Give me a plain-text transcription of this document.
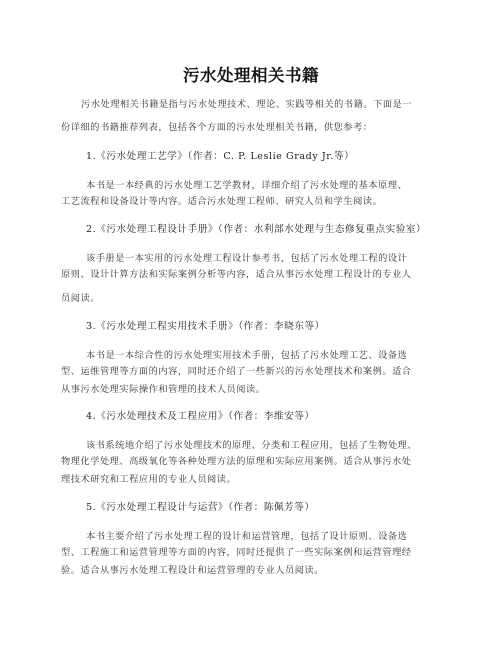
污水处理相关书籍
污水处理相关书籍是指与污水处理技术、理论、实践等相关的书籍。下面是一
份详细的书籍推荐列表，包括各个方面的污水处理相关书籍，供您参考：
1.《污水处理工艺学》（作者：C. P. Leslie Grady Jr.等）
本书是一本经典的污水处理工艺学教材，详细介绍了污水处理的基本原理、
工艺流程和设备设计等内容。适合污水处理工程师、研究人员和学生阅读。
2.《污水处理工程设计手册》（作者：水利部水处理与生态修复重点实验室）
该手册是一本实用的污水处理工程设计参考书，包括了污水处理工程的设计
原则、设计计算方法和实际案例分析等内容，适合从事污水处理工程设计的专业人
员阅读。
3.《污水处理工程实用技术手册》（作者：李晓东等）
本书是一本综合性的污水处理实用技术手册，包括了污水处理工艺、设备选
型、运维管理等方面的内容，同时还介绍了一些新兴的污水处理技术和案例。适合
从事污水处理实际操作和管理的技术人员阅读。
4.《污水处理技术及工程应用》（作者：李维安等）
该书系统地介绍了污水处理技术的原理、分类和工程应用，包括了生物处理、
物理化学处理、高级氧化等各种处理方法的原理和实际应用案例。适合从事污水处
理技术研究和工程应用的专业人员阅读。
5.《污水处理工程设计与运营》（作者：陈佩芳等）
本书主要介绍了污水处理工程的设计和运营管理，包括了设计原则、设备选
型、工程施工和运营管理等方面的内容，同时还提供了一些实际案例和运营管理经
验。适合从事污水处理工程设计和运营管理的专业人员阅读。
